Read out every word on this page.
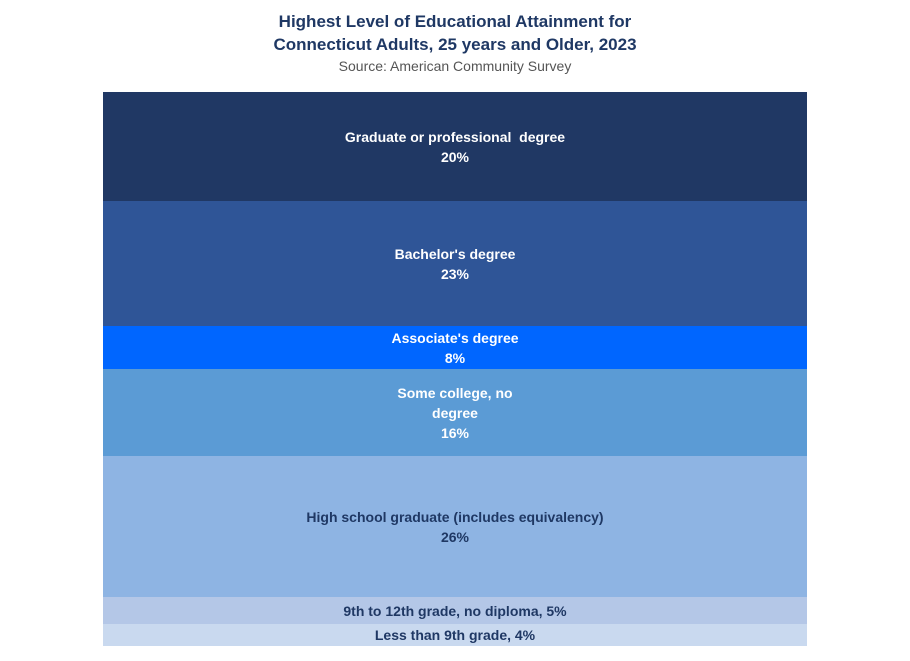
Highest Level of Educational Attainment for Connecticut Adults, 25 years and Older, 2023
Source: American Community Survey
Graduate or professional  degree
20%
Bachelor's degree
23%
Associate's degree
8%
Some college, no
degree
16%
High school graduate (includes equivalency)
26%
9th to 12th grade, no diploma, 5%
Less than 9th grade, 4%
